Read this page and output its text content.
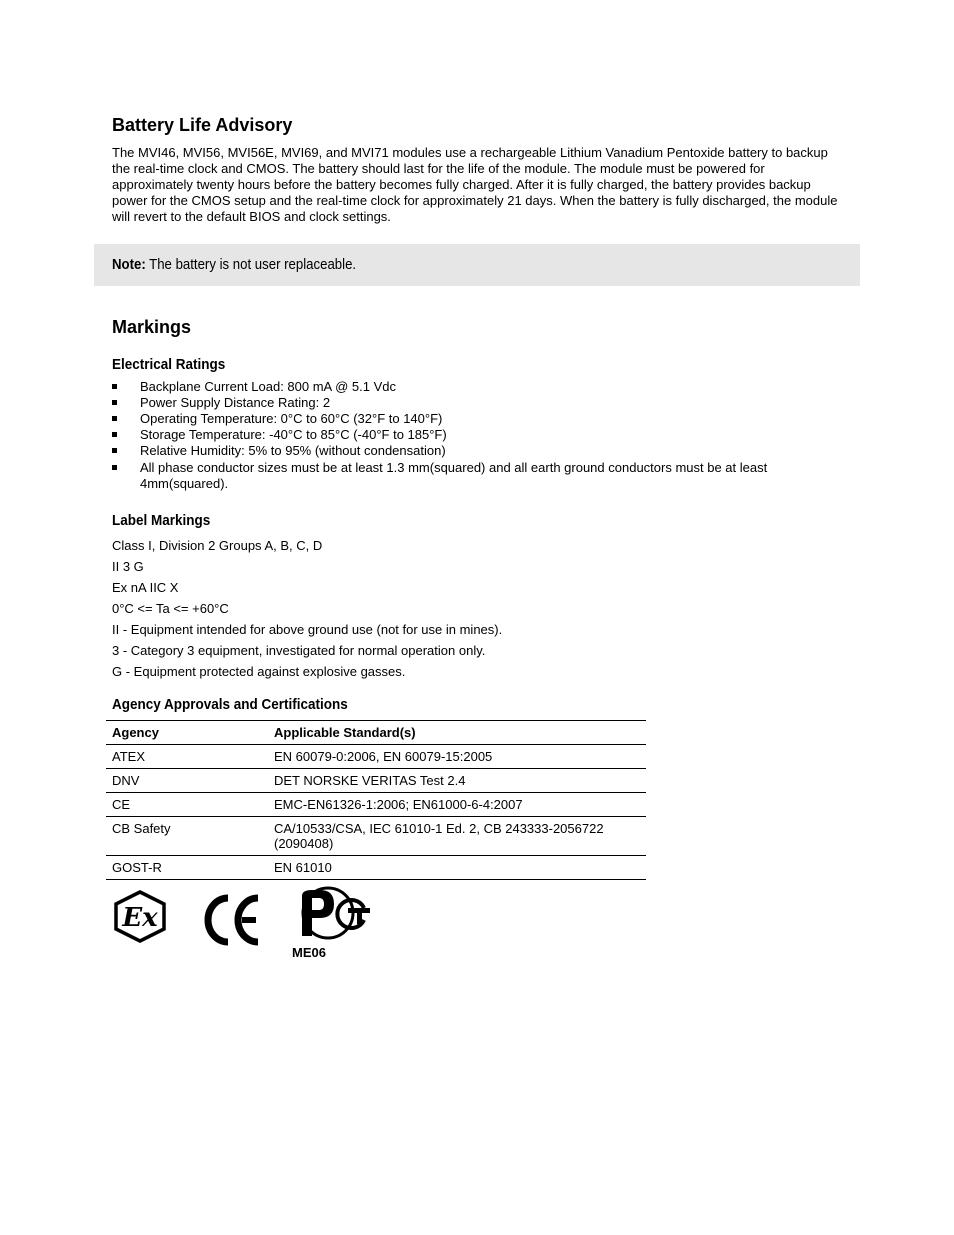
Battery Life Advisory

The MVI46, MVI56, MVI56E, MVI69, and MVI71 modules use a rechargeable Lithium Vanadium Pentoxide battery to backup the real-time clock and CMOS. The battery should last for the life of the module. The module must be powered for approximately twenty hours before the battery becomes fully charged. After it is fully charged, the battery provides backup power for the CMOS setup and the real-time clock for approximately 21 days. When the battery is fully discharged, the module will revert to the default BIOS and clock settings.

Note: The battery is not user replaceable.
Markings
Electrical Ratings
Backplane Current Load: 800 mA @ 5.1 Vdc
Power Supply Distance Rating: 2
Operating Temperature: 0°C to 60°C (32°F to 140°F)
Storage Temperature: -40°C to 85°C (-40°F to 185°F)
Relative Humidity: 5% to 95% (without condensation)
All phase conductor sizes must be at least 1.3 mm(squared) and all earth ground conductors must be at least 4mm(squared).
Label Markings
Class I, Division 2 Groups A, B, C, D
II 3 G
Ex nA IIC X
0°C <= Ta <= +60°C
II - Equipment intended for above ground use (not for use in mines).
3 - Category 3 equipment, investigated for normal operation only.
G - Equipment protected against explosive gasses.
Agency Approvals and Certifications
Agency	Applicable Standard(s)
ATEX	EN 60079-0:2006, EN 60079-15:2005
DNV	DET NORSKE VERITAS Test 2.4
CE	EMC-EN61326-1:2006; EN61000-6-4:2007
CB Safety	CA/10533/CSA, IEC 61010-1 Ed. 2, CB 243333-2056722 (2090408)
GOST-R	EN 61010
Ex
ME06
